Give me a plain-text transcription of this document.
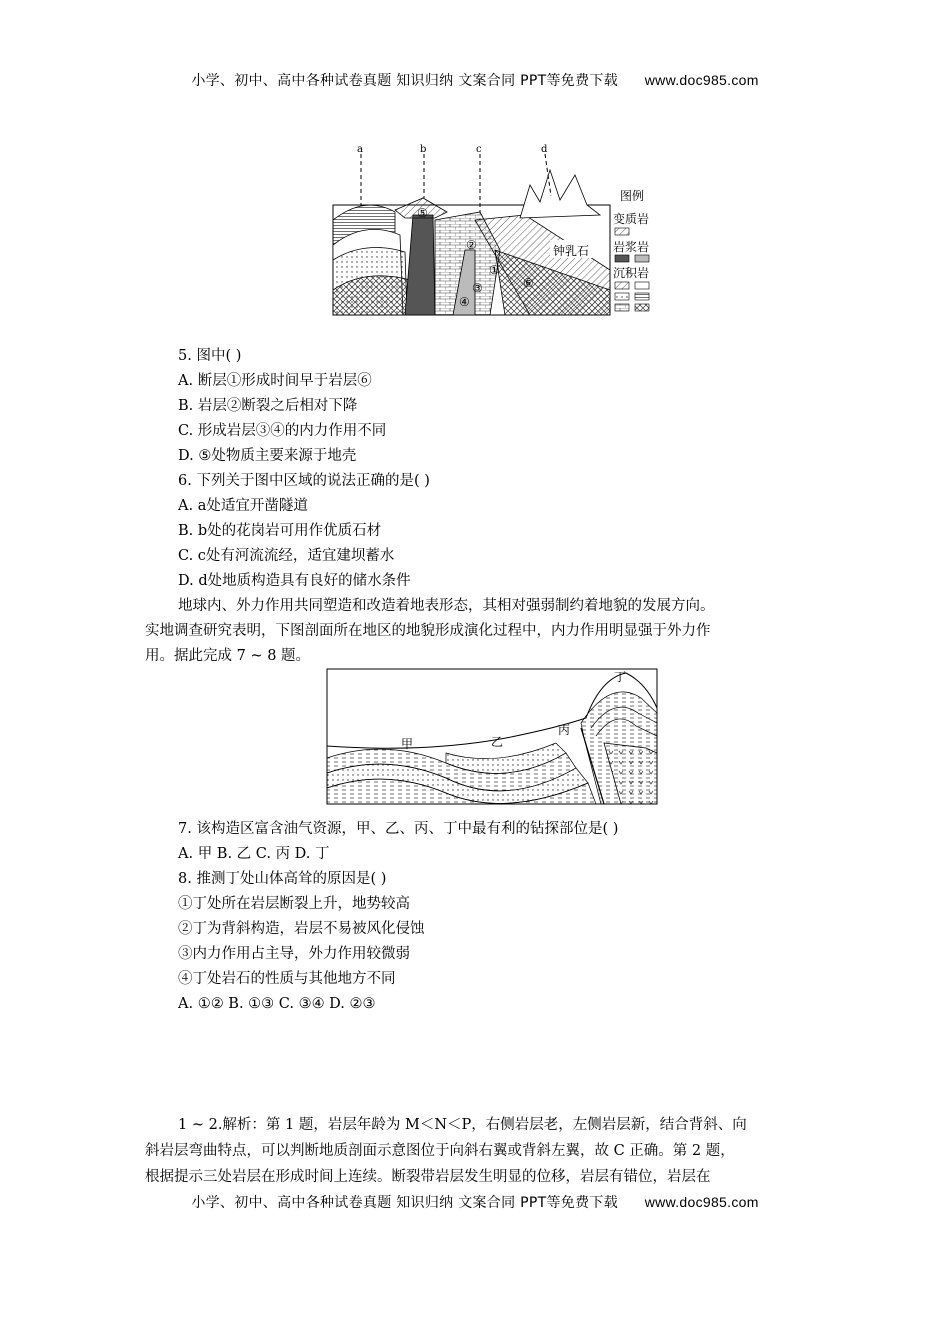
小学、初中、高中各种试卷真题 知识归纳 文案合同 PPT等免费下载 www.doc985.com
a	b	c	d
钟乳石
⑤
②
①
⑥
③
④
图例
变质岩
岩浆岩
沉积岩
5. 图中( )
A. 断层①形成时间早于岩层⑥
B. 岩层②断裂之后相对下降
C. 形成岩层③④的内力作用不同
D. ⑤处物质主要来源于地壳
6. 下列关于图中区域的说法正确的是( )
A. a处适宜开凿隧道
B. b处的花岗岩可用作优质石材
C. c处有河流流经，适宜建坝蓄水
D. d处地质构造具有良好的储水条件
地球内、外力作用共同塑造和改造着地表形态，其相对强弱制约着地貌的发展方向。
实地调查研究表明，下图剖面所在地区的地貌形成演化过程中，内力作用明显强于外力作
用。据此完成 7 ~ 8 题。
甲	乙
丙
丁
7. 该构造区富含油气资源，甲、乙、丙、丁中最有利的钻探部位是( )
A. 甲 B. 乙 C. 丙 D. 丁
8. 推测丁处山体高耸的原因是( )
①丁处所在岩层断裂上升，地势较高
②丁为背斜构造，岩层不易被风化侵蚀
③内力作用占主导，外力作用较微弱
④丁处岩石的性质与其他地方不同
A. ①② B. ①③ C. ③④ D. ②③
1 ~ 2.解析：第 1 题，岩层年龄为 M＜N＜P，右侧岩层老，左侧岩层新，结合背斜、向
斜岩层弯曲特点，可以判断地质剖面示意图位于向斜右翼或背斜左翼，故 C 正确。第 2 题，
根据提示三处岩层在形成时间上连续。断裂带岩层发生明显的位移，岩层有错位，岩层在
小学、初中、高中各种试卷真题 知识归纳 文案合同 PPT等免费下载 www.doc985.com
